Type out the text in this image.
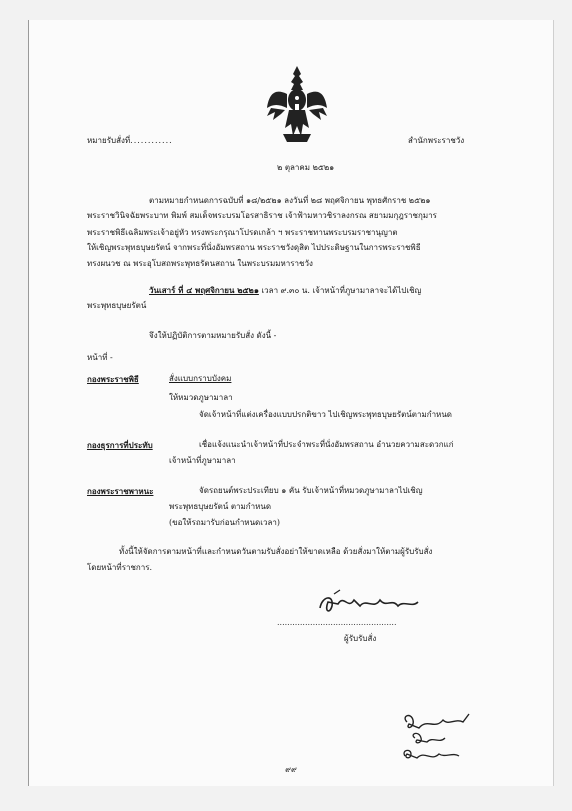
หมายรับสั่งที่............	สำนักพระราชวัง
๒ ตุลาคม ๒๕๒๑
ตามหมายกำหนดการฉบับที่ ๑๘/๒๕๒๑ ลงวันที่ ๒๘ พฤศจิกายน พุทธศักราช ๒๕๒๑
พระราชวินิจฉัยพระบาท พิมพ์ สมเด็จพระบรมโอรสาธิราช เจ้าฟ้ามหาวชิราลงกรณ สยามมกุฎราชกุมาร
พระราชพิธีเฉลิมพระเจ้าอยู่หัว ทรงพระกรุณาโปรดเกล้า ฯ พระราชทานพระบรมราชานุญาต
ให้เชิญพระพุทธบุษยรัตน์ จากพระที่นั่งอัมพรสถาน พระราชวังดุสิต ไปประดิษฐานในการพระราชพิธี
ทรงผนวช ณ พระอุโบสถพระพุทธรัตนสถาน ในพระบรมมหาราชวัง
วันเสาร์ ที่ ๔ พฤศจิกายน ๒๕๒๑ เวลา ๙.๓๐ น. เจ้าหน้าที่ภูษามาลาจะได้ไปเชิญ
พระพุทธบุษยรัตน์
จึงให้ปฏิบัติการตามหมายรับสั่ง ดังนี้ -
หน้าที่ -
กองพระราชพิธี	สั่งแบบกราบบังคม
ให้หมวดภูษามาลา
จัดเจ้าหน้าที่แต่งเครื่องแบบปรกติขาว ไปเชิญพระพุทธบุษยรัตน์ตามกำหนด
กองธุรการที่ประทับ	เชื่อแจ้งแนะนำเจ้าหน้าที่ประจำพระที่นั่งอัมพรสถาน อำนวยความสะดวกแก่
เจ้าหน้าที่ภูษามาลา
กองพระราชพาหนะ	จัดรถยนต์พระประเทียบ ๑ คัน รับเจ้าหน้าที่หมวดภูษามาลาไปเชิญ
พระพุทธบุษยรัตน์ ตามกำหนด
(ขอให้รถมารับก่อนกำหนดเวลา)
ทั้งนี้ให้จัดการตามหน้าที่และกำหนดวันตามรับสั่งอย่าให้ขาดเหลือ ด้วยสั่งมาให้ตามผู้รับรับสั่ง
โดยหน้าที่ราชการ.
...............................................
ผู้รับรับสั่ง
๙๙
